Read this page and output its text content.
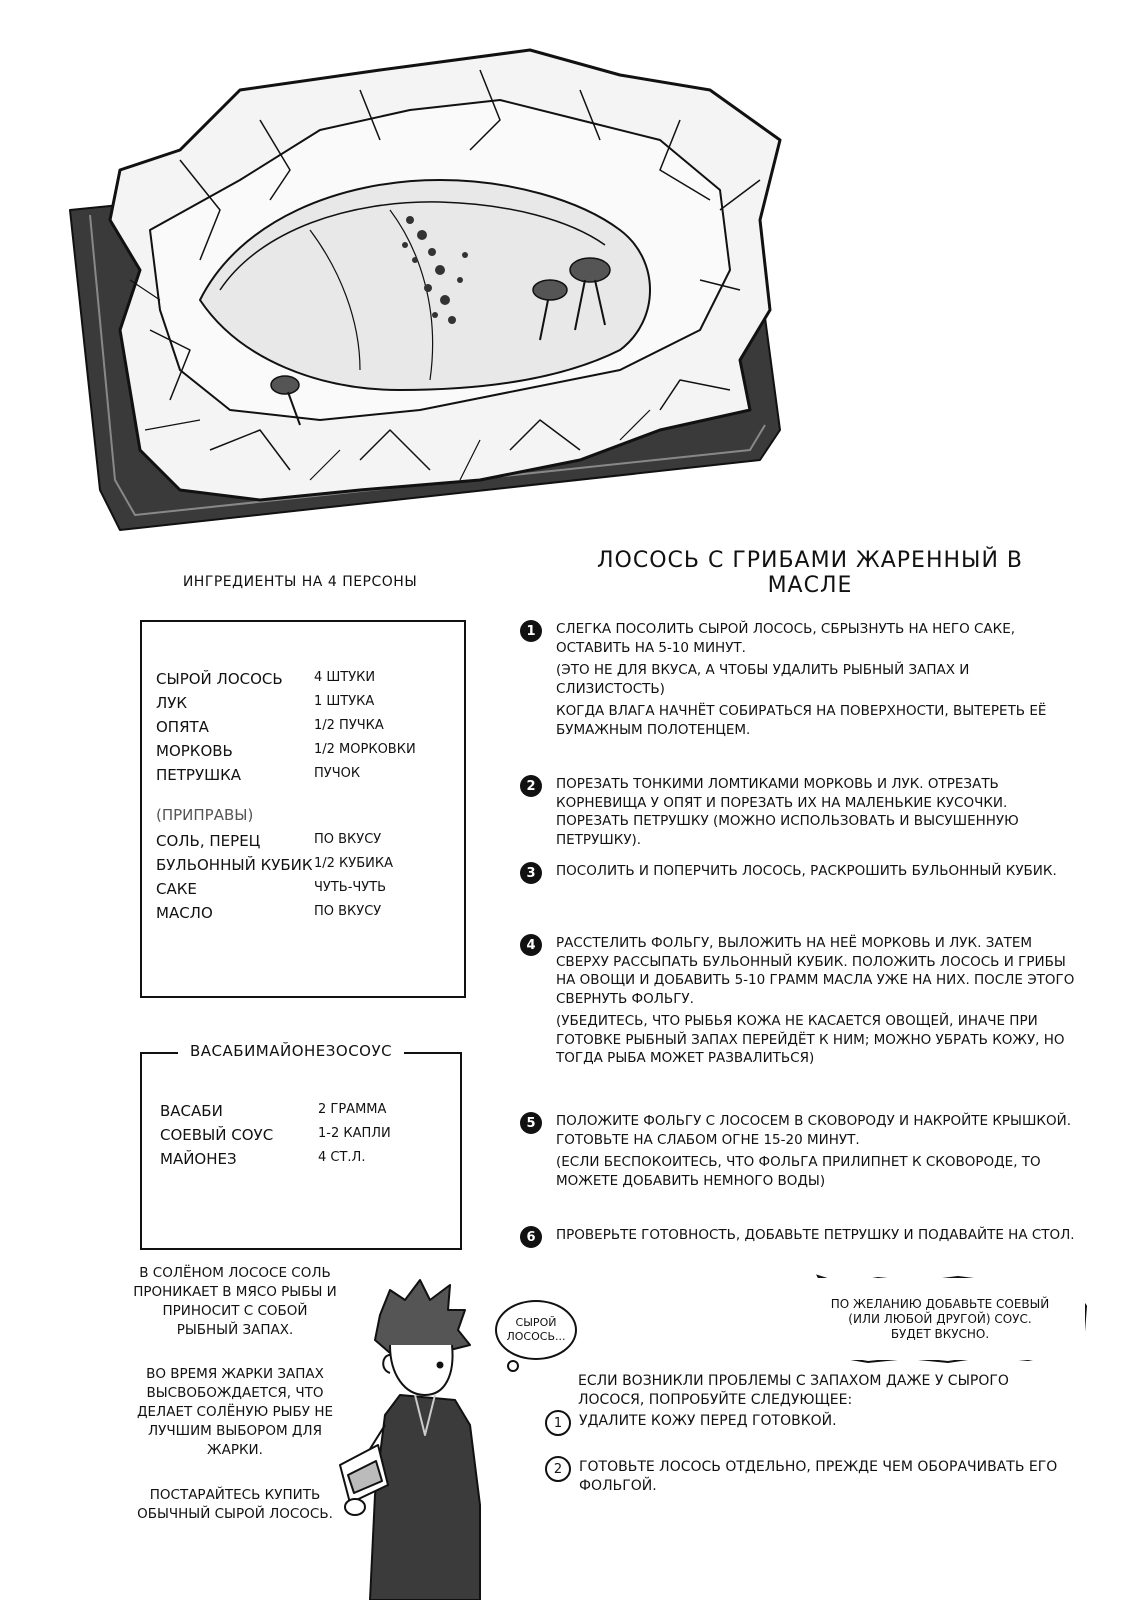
ЛОСОСЬ С ГРИБАМИ ЖАРЕННЫЙ В МАСЛЕ
ИНГРЕДИЕНТЫ НА 4 ПЕРСОНЫ
СЫРОЙ ЛОСОСЬ 4 ШТУКИ
ЛУК	1 ШТУКА
ОПЯТА	1/2 ПУЧКА
МОРКОВЬ	1/2 МОРКОВКИ
ПЕТРУШКА	ПУЧОК
(ПРИПРАВЫ)
СОЛЬ, ПЕРЕЦ	ПО ВКУСУ
БУЛЬОННЫЙ КУБИК 1/2 КУБИКА
САКЕ	ЧУТЬ-ЧУТЬ
МАСЛО	ПО ВКУСУ
ВАСАБИМАЙОНЕЗОСОУС
ВАСАБИ	2 ГРАММА
СОЕВЫЙ СОУС	1-2 КАПЛИ
МАЙОНЕЗ	4 СТ.Л.
1	СЛЕГКА ПОСОЛИТЬ СЫРОЙ ЛОСОСЬ, СБРЫЗНУТЬ НА НЕГО САКЕ, ОСТАВИТЬ НА 5-10 МИНУТ.

(ЭТО НЕ ДЛЯ ВКУСА, А ЧТОБЫ УДАЛИТЬ РЫБНЫЙ ЗАПАХ И СЛИЗИСТОСТЬ)

КОГДА ВЛАГА НАЧНЁТ СОБИРАТЬСЯ НА ПОВЕРХНОСТИ, ВЫТЕРЕТЬ ЕЁ БУМАЖНЫМ ПОЛОТЕНЦЕМ.

2	ПОРЕЗАТЬ ТОНКИМИ ЛОМТИКАМИ МОРКОВЬ И ЛУК. ОТРЕЗАТЬ КОРНЕВИЩА У ОПЯТ И ПОРЕЗАТЬ ИХ НА МАЛЕНЬКИЕ КУСОЧКИ. ПОРЕЗАТЬ ПЕТРУШКУ (МОЖНО ИСПОЛЬЗОВАТЬ И ВЫСУШЕННУЮ ПЕТРУШКУ).

3	ПОСОЛИТЬ И ПОПЕРЧИТЬ ЛОСОСЬ, РАСКРОШИТЬ БУЛЬОННЫЙ КУБИК.

4	РАССТЕЛИТЬ ФОЛЬГУ, ВЫЛОЖИТЬ НА НЕЁ МОРКОВЬ И ЛУК. ЗАТЕМ СВЕРХУ РАССЫПАТЬ БУЛЬОННЫЙ КУБИК. ПОЛОЖИТЬ ЛОСОСЬ И ГРИБЫ НА ОВОЩИ И ДОБАВИТЬ 5-10 ГРАММ МАСЛА УЖЕ НА НИХ. ПОСЛЕ ЭТОГО СВЕРНУТЬ ФОЛЬГУ.

(УБЕДИТЕСЬ, ЧТО РЫБЬЯ КОЖА НЕ КАСАЕТСЯ ОВОЩЕЙ, ИНАЧЕ ПРИ ГОТОВКЕ РЫБНЫЙ ЗАПАХ ПЕРЕЙДЁТ К НИМ; МОЖНО УБРАТЬ КОЖУ, НО ТОГДА РЫБА МОЖЕТ РАЗВАЛИТЬСЯ)

5	ПОЛОЖИТЕ ФОЛЬГУ С ЛОСОСЕМ В СКОВОРОДУ И НАКРОЙТЕ КРЫШКОЙ. ГОТОВЬТЕ НА СЛАБОМ ОГНЕ 15-20 МИНУТ.

(ЕСЛИ БЕСПОКОИТЕСЬ, ЧТО ФОЛЬГА ПРИЛИПНЕТ К СКОВОРОДЕ, ТО МОЖЕТЕ ДОБАВИТЬ НЕМНОГО ВОДЫ)

6	ПРОВЕРЬТЕ ГОТОВНОСТЬ, ДОБАВЬТЕ ПЕТРУШКУ И ПОДАВАЙТЕ НА СТОЛ.

В СОЛЁНОМ ЛОСОСЕ СОЛЬ ПРОНИКАЕТ В МЯСО РЫБЫ И ПРИНОСИТ С СОБОЙ РЫБНЫЙ ЗАПАХ.
ВО ВРЕМЯ ЖАРКИ ЗАПАХ ВЫСВОБОЖДАЕТСЯ, ЧТО ДЕЛАЕТ СОЛЁНУЮ РЫБУ НЕ ЛУЧШИМ ВЫБОРОМ ДЛЯ ЖАРКИ.
ПОСТАРАЙТЕСЬ КУПИТЬ ОБЫЧНЫЙ СЫРОЙ ЛОСОСЬ.
СЫРОЙ ЛОСОСЬ...
ПО ЖЕЛАНИЮ ДОБАВЬТЕ СОЕВЫЙ (ИЛИ ЛЮБОЙ ДРУГОЙ) СОУС. БУДЕТ ВКУСНО.
ЕСЛИ ВОЗНИКЛИ ПРОБЛЕМЫ С ЗАПАХОМ ДАЖЕ У СЫРОГО ЛОСОСЯ, ПОПРОБУЙТЕ СЛЕДУЮЩЕЕ:
1	УДАЛИТЕ КОЖУ ПЕРЕД ГОТОВКОЙ.
2	ГОТОВЬТЕ ЛОСОСЬ ОТДЕЛЬНО, ПРЕЖДЕ ЧЕМ ОБОРАЧИВАТЬ ЕГО ФОЛЬГОЙ.
